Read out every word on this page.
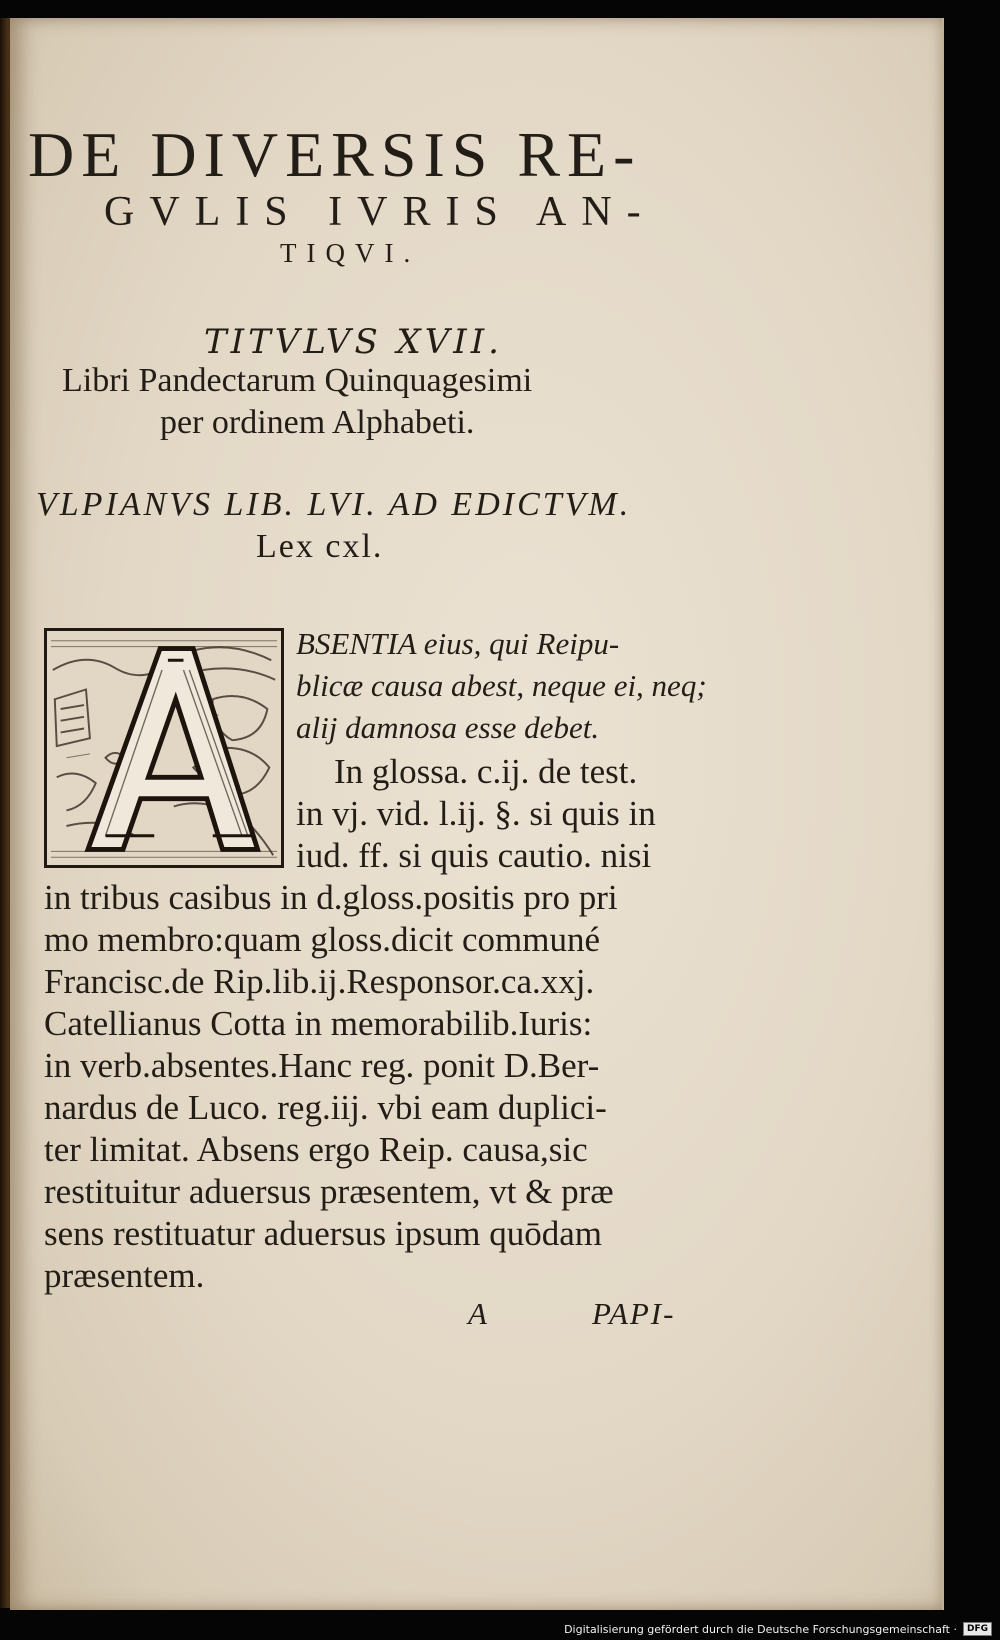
DE DIVERSIS RE-
GVLIS IVRIS AN-
TIQVI.
TITVLVS XVII.
Libri Pandectarum Quinquagesimi
per ordinem Alphabeti.
VLPIANVS LIB. LVI. AD EDICTVM.
Lex cxl.
BSENTIA eius, qui Reipu-
blicæ causa abest, neque ei, neq;
alij damnosa esse debet.
In glossa. c.ij. de test.
in vj. vid. l.ij. §. si quis in
iud. ff. si quis cautio. nisi
in tribus casibus in d.gloss.positis pro pri
mo membro:quam gloss.dicit communé
Francisc.de Rip.lib.ij.Responsor.ca.xxj.
Catellianus Cotta in memorabilib.Iuris:
in verb.absentes.Hanc reg. ponit D.Ber-
nardus de Luco. reg.iij. vbi eam duplici-
ter limitat. Absens ergo Reip. causa,sic
restituitur aduersus præsentem, vt & præ
sens restituatur aduersus ipsum quōdam
præsentem.
A	PAPI-
Digitalisierung gefördert durch die Deutsche Forschungsgemeinschaft ·	DFG
